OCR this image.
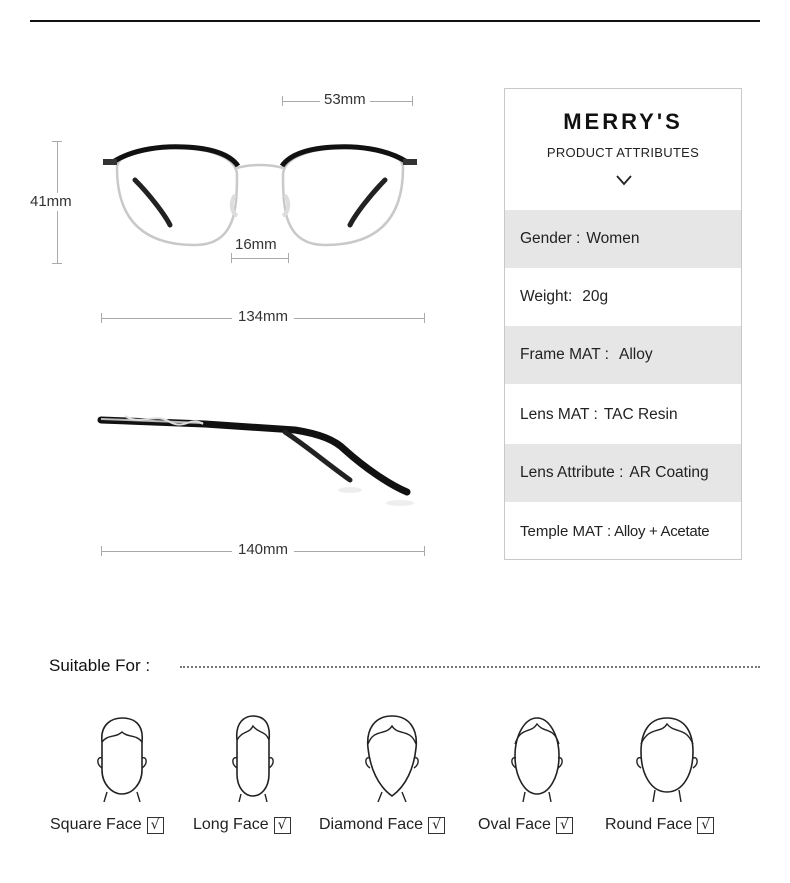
53mm
41mm
16mm
134mm
140mm
MERRY'S
PRODUCT ATTRIBUTES
Gender : Women
Weight: 20g
Frame MAT : Alloy
Lens MAT : TAC Resin
Lens Attribute : AR Coating
Temple MAT : Alloy + Acetate
Suitable For :
Square Face √ Long Face √ Diamond Face √ Oval Face √ Round Face √
